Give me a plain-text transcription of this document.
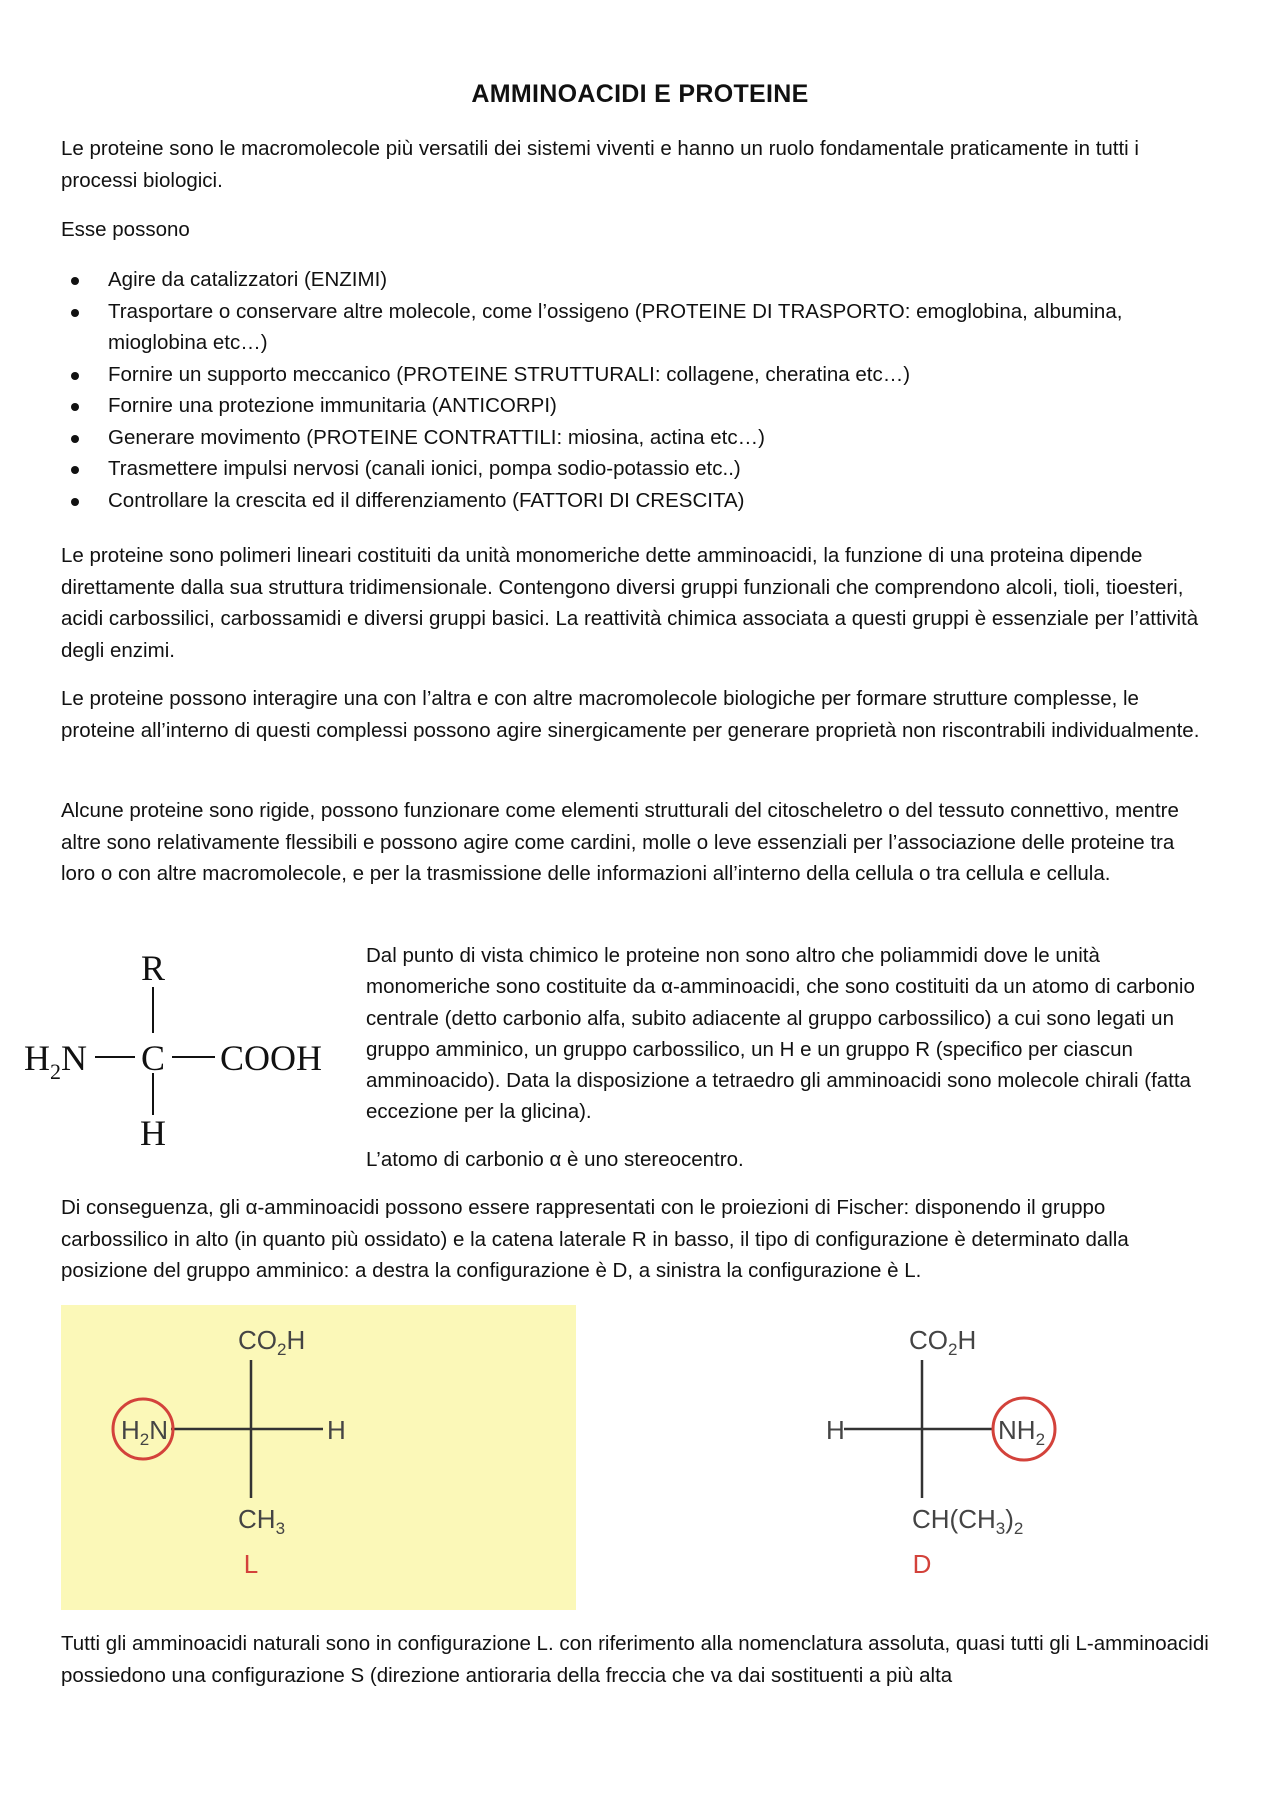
AMMINOACIDI E PROTEINE

Le proteine sono le macromolecole più versatili dei sistemi viventi e hanno un ruolo fondamentale praticamente in tutti i processi biologici.

Esse possono

Agire da catalizzatori (ENZIMI)
Trasportare o conservare altre molecole, come l’ossigeno (PROTEINE DI TRASPORTO: emoglobina, albumina, mioglobina etc…)
Fornire un supporto meccanico (PROTEINE STRUTTURALI: collagene, cheratina etc…)
Fornire una protezione immunitaria (ANTICORPI)
Generare movimento (PROTEINE CONTRATTILI: miosina, actina etc…)
Trasmettere impulsi nervosi (canali ionici, pompa sodio-potassio etc..)
Controllare la crescita ed il differenziamento (FATTORI DI CRESCITA)

Le proteine sono polimeri lineari costituiti da unità monomeriche dette amminoacidi, la funzione di una proteina dipende direttamente dalla sua struttura tridimensionale. Contengono diversi gruppi funzionali che comprendono alcoli, tioli, tioesteri, acidi carbossilici, carbossamidi e diversi gruppi basici. La reattività chimica associata a questi gruppi è essenziale per l’attività degli enzimi.

Le proteine possono interagire una con l’altra e con altre macromolecole biologiche per formare strutture complesse, le proteine all’interno di questi complessi possono agire sinergicamente per generare proprietà non riscontrabili individualmente.

Alcune proteine sono rigide, possono funzionare come elementi strutturali del citoscheletro o del tessuto connettivo, mentre altre sono relativamente flessibili e possono agire come cardini, molle o leve essenziali per l’associazione delle proteine tra loro o con altre macromolecole, e per la trasmissione delle informazioni all’interno della cellula o tra cellula e cellula.

R
$H_2N$ C COOH
H

Dal punto di vista chimico le proteine non sono altro che poliammidi dove le unità monomeriche sono costituite da α-amminoacidi, che sono costituiti da un atomo di carbonio centrale (detto carbonio alfa, subito adiacente al gruppo carbossilico) a cui sono legati un gruppo amminico, un gruppo carbossilico, un H e un gruppo R (specifico per ciascun amminoacido). Data la disposizione a tetraedro gli amminoacidi sono molecole chirali (fatta eccezione per la glicina).

L’atomo di carbonio α è uno stereocentro.

Di conseguenza, gli α-amminoacidi possono essere rappresentati con le proiezioni di Fischer: disponendo il gruppo carbossilico in alto (in quanto più ossidato) e la catena laterale R in basso, il tipo di configurazione è determinato dalla posizione del gruppo amminico: a destra la configurazione è D, a sinistra la configurazione è L.

$CO_2H$
$H_2N$	H
$CH_3$
L
$CO_2H$
H	$NH_2$
$CH(CH_3)_2$
D

Tutti gli amminoacidi naturali sono in configurazione L. con riferimento alla nomenclatura assoluta, quasi tutti gli L-amminoacidi possiedono una configurazione S (direzione antioraria della freccia che va dai sostituenti a più alta
